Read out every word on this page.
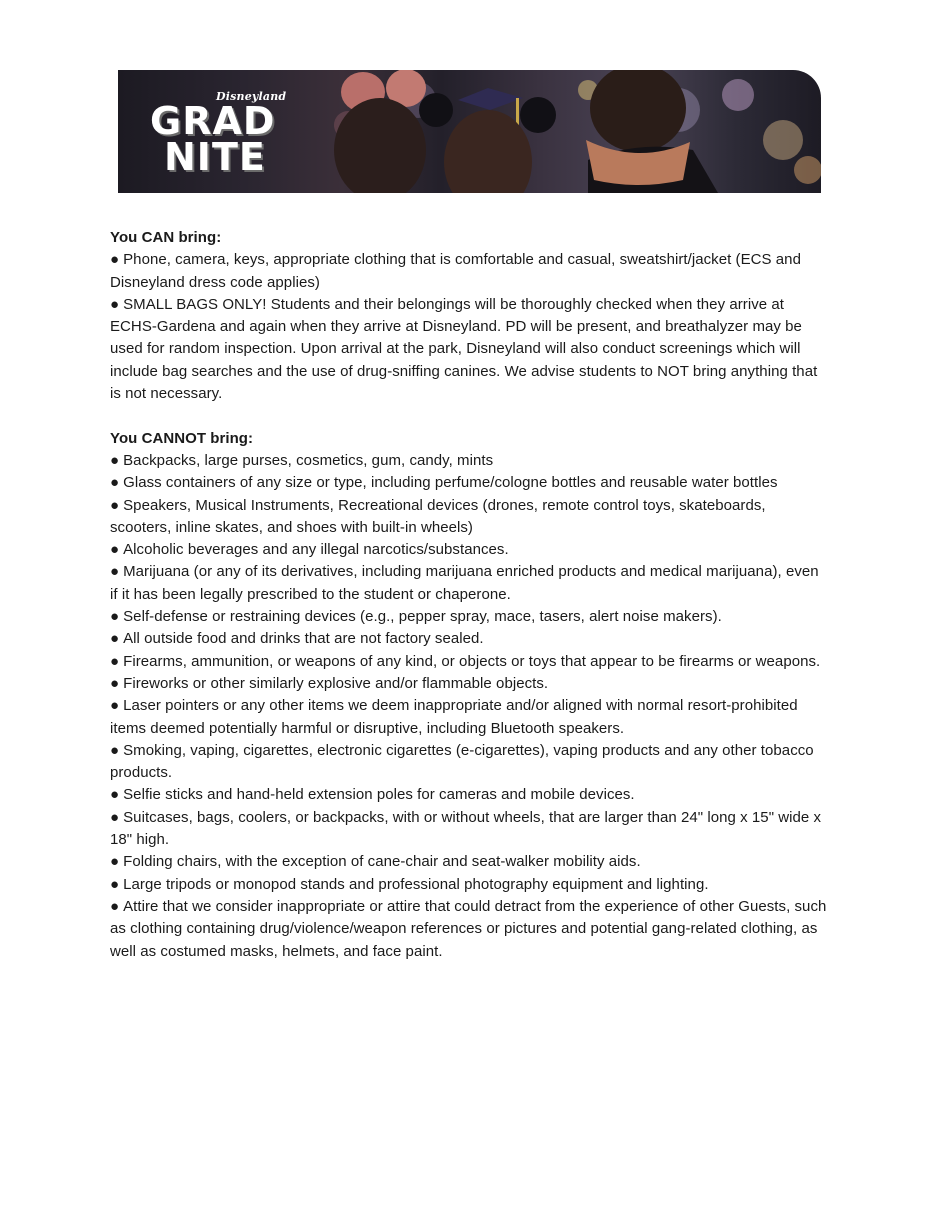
Disneyland
GRAD
NITE

You CAN bring:

● Phone, camera, keys, appropriate clothing that is comfortable and casual, sweatshirt/jacket (ECS and Disneyland dress code applies)

● SMALL BAGS ONLY! Students and their belongings will be thoroughly checked when they arrive at ECHS-Gardena and again when they arrive at Disneyland. PD will be present, and breathalyzer may be used for random inspection. Upon arrival at the park, Disneyland will also conduct screenings which will include bag searches and the use of drug-sniffing canines. We advise students to NOT bring anything that is not necessary.

You CANNOT bring:

● Backpacks, large purses, cosmetics, gum, candy, mints

● Glass containers of any size or type, including perfume/cologne bottles and reusable water bottles

● Speakers, Musical Instruments, Recreational devices (drones, remote control toys, skateboards, scooters, inline skates, and shoes with built-in wheels)

● Alcoholic beverages and any illegal narcotics/substances.

● Marijuana (or any of its derivatives, including marijuana enriched products and medical marijuana), even if it has been legally prescribed to the student or chaperone.

● Self-defense or restraining devices (e.g., pepper spray, mace, tasers, alert noise makers).

● All outside food and drinks that are not factory sealed.

● Firearms, ammunition, or weapons of any kind, or objects or toys that appear to be firearms or weapons.

● Fireworks or other similarly explosive and/or flammable objects.

● Laser pointers or any other items we deem inappropriate and/or aligned with normal resort-prohibited items deemed potentially harmful or disruptive, including Bluetooth speakers.

● Smoking, vaping, cigarettes, electronic cigarettes (e-cigarettes), vaping products and any other tobacco products.

● Selfie sticks and hand-held extension poles for cameras and mobile devices.

● Suitcases, bags, coolers, or backpacks, with or without wheels, that are larger than 24" long x 15" wide x 18" high.

● Folding chairs, with the exception of cane-chair and seat-walker mobility aids.

● Large tripods or monopod stands and professional photography equipment and lighting.

● Attire that we consider inappropriate or attire that could detract from the experience of other Guests, such as clothing containing drug/violence/weapon references or pictures and potential gang-related clothing, as well as costumed masks, helmets, and face paint.
